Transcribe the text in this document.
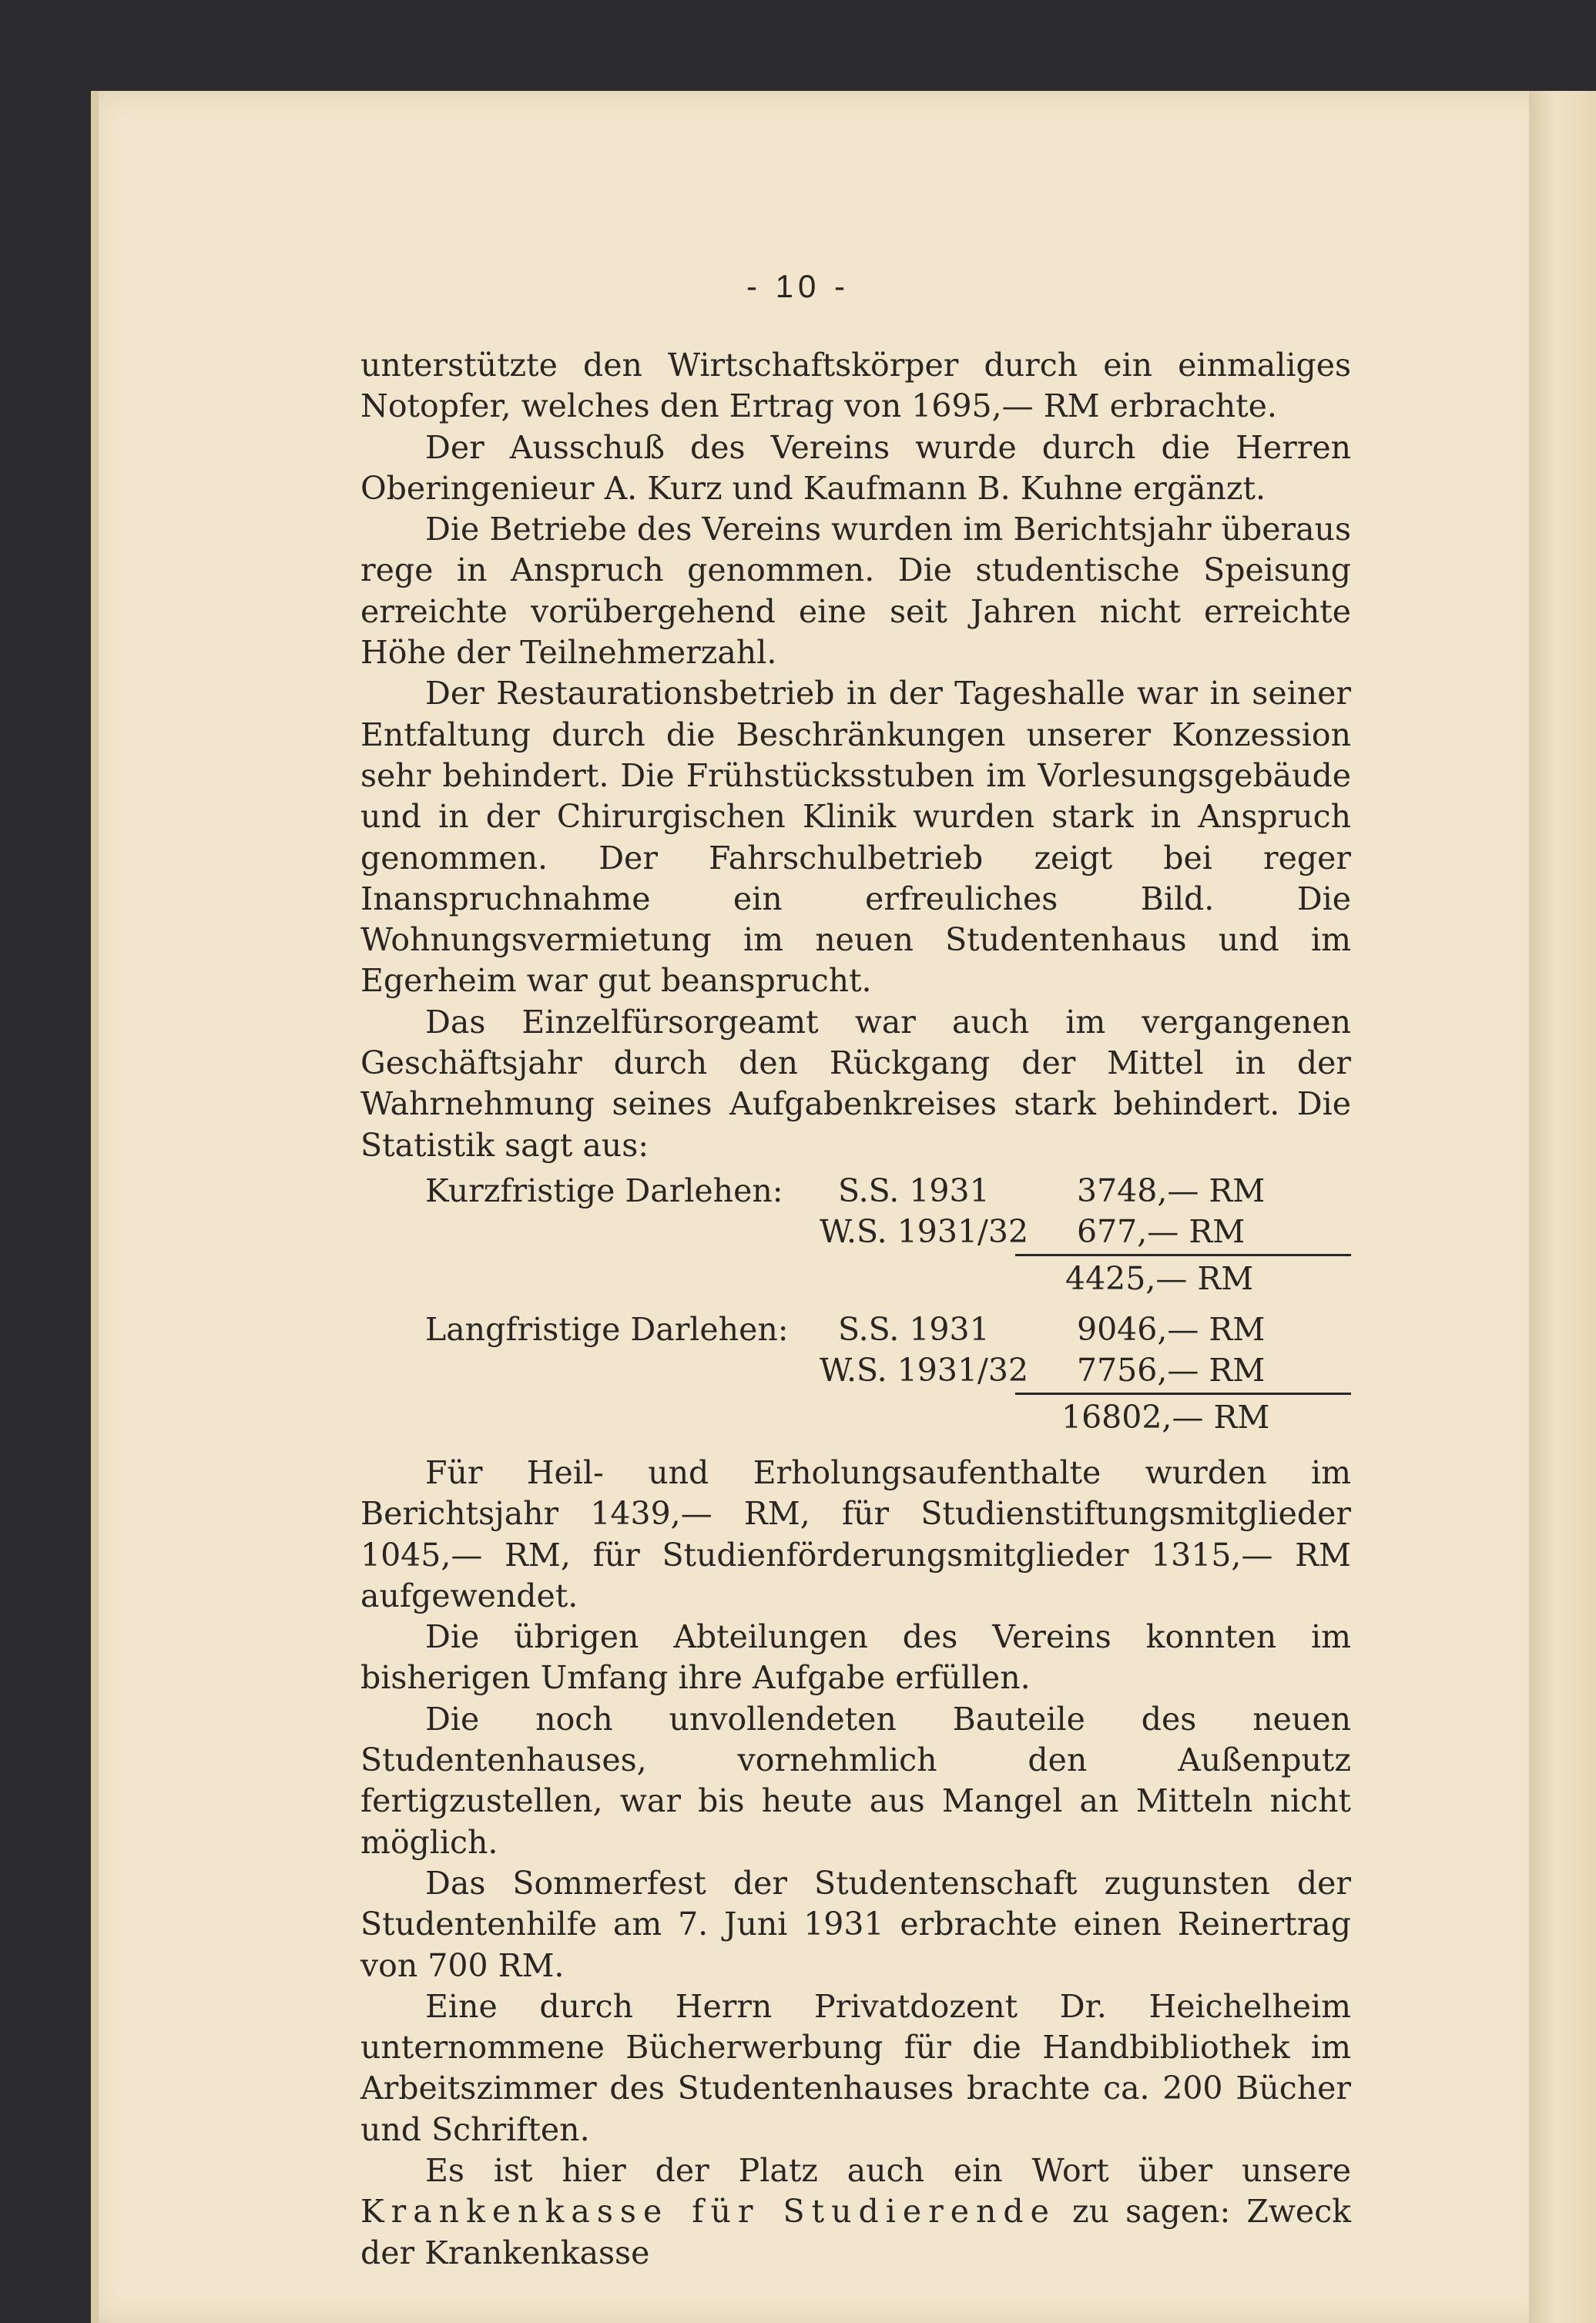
- 10 -

unterstützte den Wirtschaftskörper durch ein einmaliges Notopfer, welches den Ertrag von 1695,— RM erbrachte.

Der Ausschuß des Vereins wurde durch die Herren Oberingenieur A. Kurz und Kaufmann B. Kuhne ergänzt.

Die Betriebe des Vereins wurden im Berichtsjahr überaus rege in Anspruch genommen. Die studentische Speisung erreichte vorübergehend eine seit Jahren nicht erreichte Höhe der Teilnehmerzahl.

Der Restaurationsbetrieb in der Tageshalle war in seiner Entfaltung durch die Beschränkungen unserer Konzession sehr behindert. Die Frühstücksstuben im Vorlesungsgebäude und in der Chirurgischen Klinik wurden stark in Anspruch genommen. Der Fahrschulbetrieb zeigt bei reger Inanspruchnahme ein erfreuliches Bild. Die Wohnungsvermietung im neuen Studentenhaus und im Egerheim war gut beansprucht.

Das Einzelfürsorgeamt war auch im vergangenen Geschäftsjahr durch den Rückgang der Mittel in der Wahrnehmung seines Aufgabenkreises stark behindert. Die Statistik sagt aus:

Kurzfristige Darlehen: S.S. 1931	3748,— RM
W.S. 1931/32 677,— RM
4425,— RM
Langfristige Darlehen: S.S. 1931	9046,— RM
W.S. 1931/32 7756,— RM
16802,— RM

Für Heil- und Erholungsaufenthalte wurden im Berichtsjahr 1439,— RM, für Studienstiftungsmitglieder 1045,— RM, für Studienförderungsmitglieder 1315,— RM aufgewendet.

Die übrigen Abteilungen des Vereins konnten im bisherigen Umfang ihre Aufgabe erfüllen.

Die noch unvollendeten Bauteile des neuen Studentenhauses, vornehmlich den Außenputz fertigzustellen, war bis heute aus Mangel an Mitteln nicht möglich.

Das Sommerfest der Studentenschaft zugunsten der Studentenhilfe am 7. Juni 1931 erbrachte einen Reinertrag von 700 RM.

Eine durch Herrn Privatdozent Dr. Heichelheim unternommene Bücherwerbung für die Handbibliothek im Arbeitszimmer des Studentenhauses brachte ca. 200 Bücher und Schriften.

Es ist hier der Platz auch ein Wort über unsere Krankenkasse für Studierende zu sagen: Zweck der Krankenkasse
